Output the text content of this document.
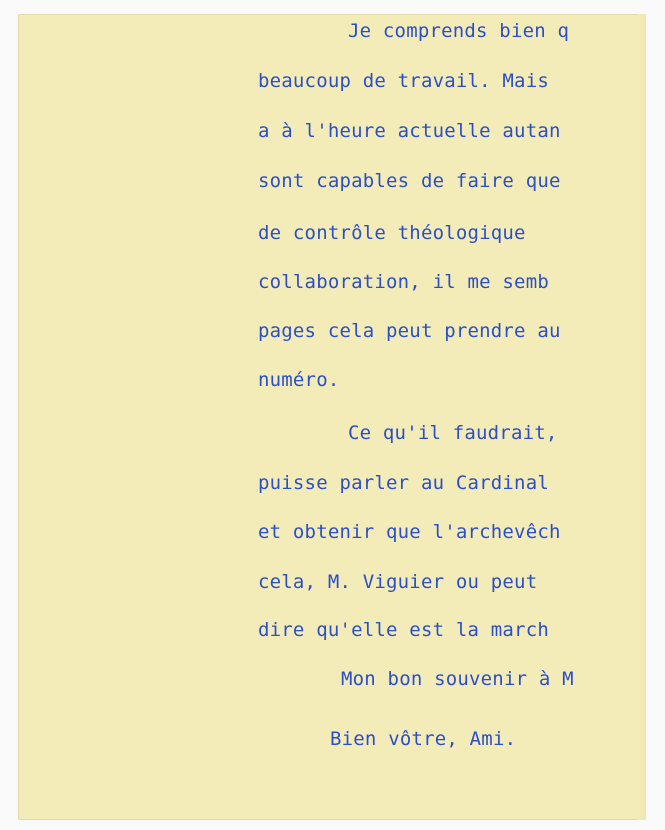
Je comprends bien q
beaucoup de travail. Mais
a à l'heure actuelle autan
sont capables de faire que
de contrôle théologique
collaboration, il me semb
pages cela peut prendre au
numéro.
Ce qu'il faudrait,
puisse parler au Cardinal
et obtenir que l'archevêch
cela, M. Viguier ou peut
dire qu'elle est la march
Mon bon souvenir à M
Bien vôtre, Ami.
